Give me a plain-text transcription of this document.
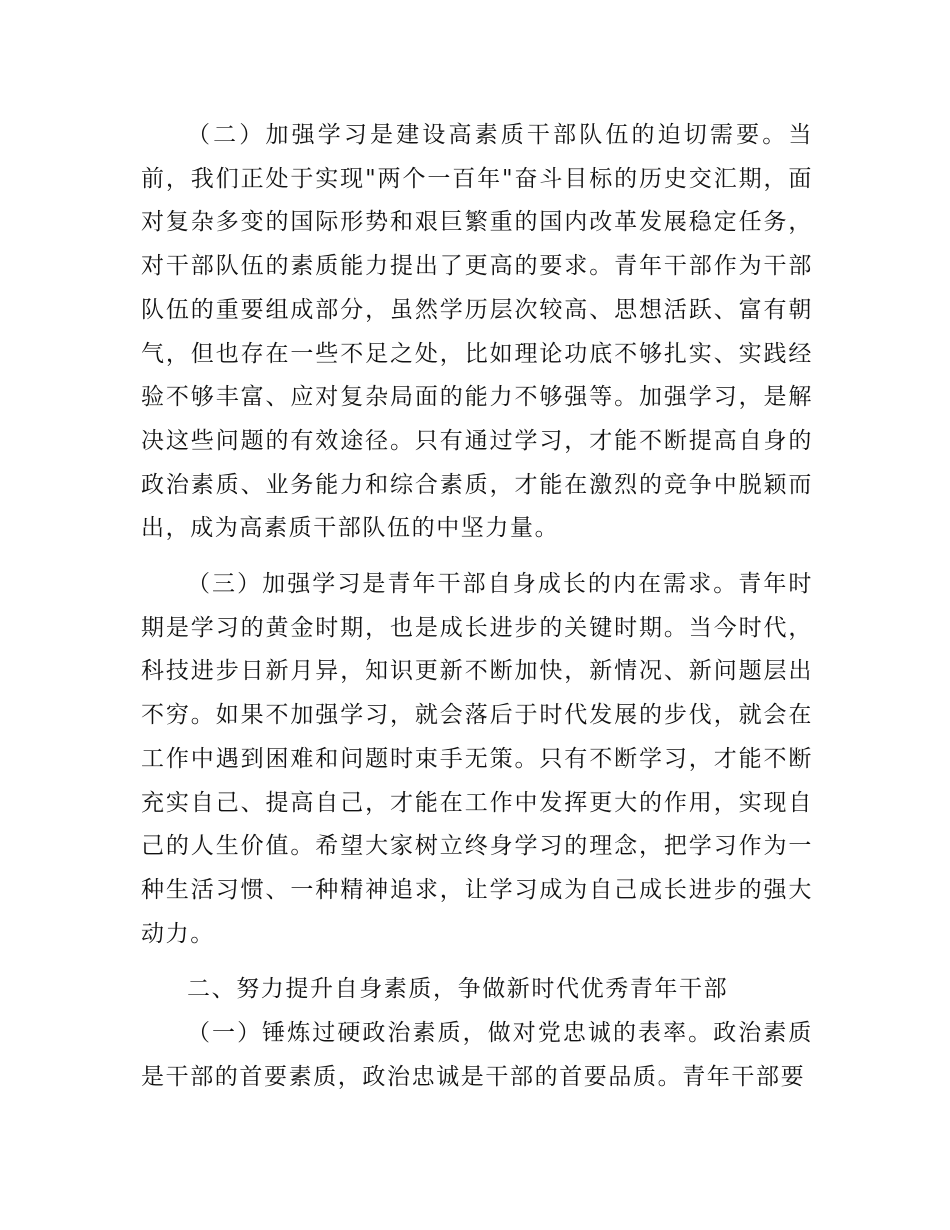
（二）加强学习是建设高素质干部队伍的迫切需要。当前，我们正处于实现"两个一百年"奋斗目标的历史交汇期，面对复杂多变的国际形势和艰巨繁重的国内改革发展稳定任务，对干部队伍的素质能力提出了更高的要求。青年干部作为干部队伍的重要组成部分，虽然学历层次较高、思想活跃、富有朝气，但也存在一些不足之处，比如理论功底不够扎实、实践经验不够丰富、应对复杂局面的能力不够强等。加强学习，是解决这些问题的有效途径。只有通过学习，才能不断提高自身的政治素质、业务能力和综合素质，才能在激烈的竞争中脱颖而出，成为高素质干部队伍的中坚力量。

（三）加强学习是青年干部自身成长的内在需求。青年时期是学习的黄金时期，也是成长进步的关键时期。当今时代，科技进步日新月异，知识更新不断加快，新情况、新问题层出不穷。如果不加强学习，就会落后于时代发展的步伐，就会在工作中遇到困难和问题时束手无策。只有不断学习，才能不断充实自己、提高自己，才能在工作中发挥更大的作用，实现自己的人生价值。希望大家树立终身学习的理念，把学习作为一种生活习惯、一种精神追求，让学习成为自己成长进步的强大动力。

二、努力提升自身素质，争做新时代优秀青年干部

（一）锤炼过硬政治素质，做对党忠诚的表率。政治素质是干部的首要素质，政治忠诚是干部的首要品质。青年干部要
